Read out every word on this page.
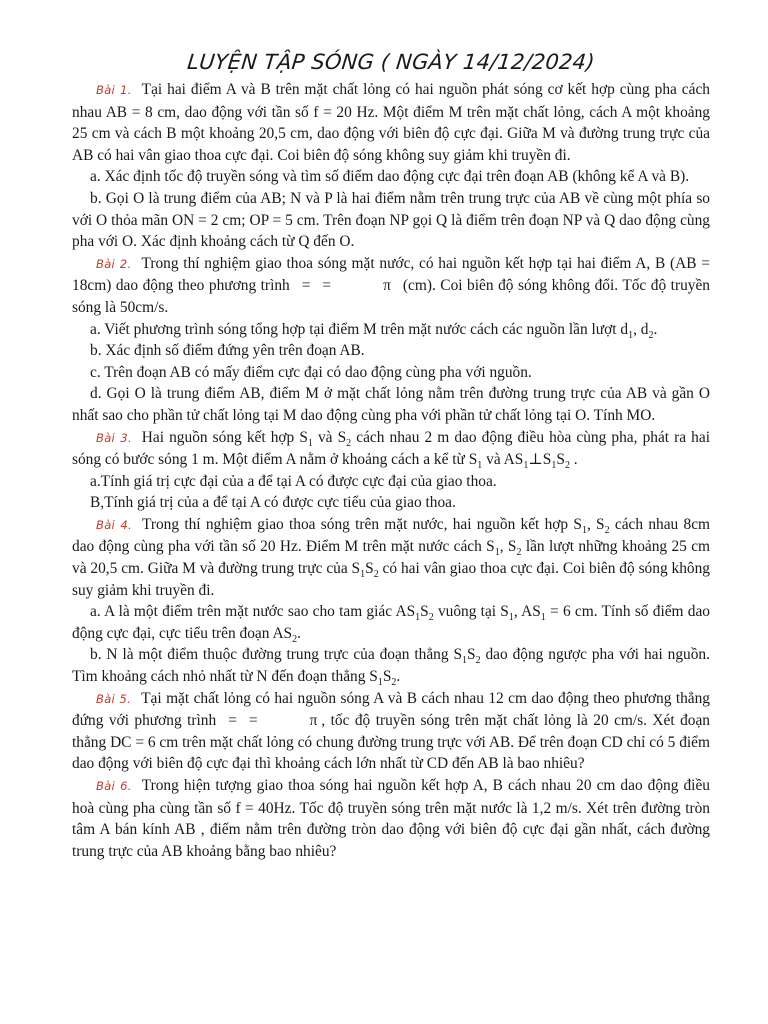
LUYỆN TẬP SÓNG ( NGÀY 14/12/2024)

Bài 1. Tại hai điểm A và B trên mặt chất lỏng có hai nguồn phát sóng cơ kết hợp cùng pha cách nhau AB = 8 cm, dao động với tần số f = 20 Hz. Một điểm M trên mặt chất lỏng, cách A một khoảng 25 cm và cách B một khoảng 20,5 cm, dao động với biên độ cực đại. Giữa M và đường trung trực của AB có hai vân giao thoa cực đại. Coi biên độ sóng không suy giảm khi truyền đi.

a. Xác định tốc độ truyền sóng và tìm số điểm dao động cực đại trên đoạn AB (không kể A và B).

b. Gọi O là trung điểm của AB; N và P là hai điểm nằm trên trung trực của AB về cùng một phía so với O thỏa mãn ON = 2 cm; OP = 5 cm. Trên đoạn NP gọi Q là điểm trên đoạn NP và Q dao động cùng pha với O. Xác định khoảng cách từ Q đến O.

Bài 2. Trong thí nghiệm giao thoa sóng mặt nước, có hai nguồn kết hợp tại hai điểm A, B (AB = 18cm) dao động theo phương trình = =	π (cm). Coi biên độ sóng không đổi. Tốc độ truyền sóng là 50cm/s.

a. Viết phương trình sóng tổng hợp tại điểm M trên mặt nước cách các nguồn lần lượt $d_1$, $d_2$.

b. Xác định số điểm đứng yên trên đoạn AB.

c. Trên đoạn AB có mấy điểm cực đại có dao động cùng pha với nguồn.

d. Gọi O là trung điểm AB, điểm M ở mặt chất lỏng nằm trên đường trung trực của AB và gần O nhất sao cho phần tử chất lỏng tại M dao động cùng pha với phần tử chất lỏng tại O. Tính MO.

Bài 3. Hai nguồn sóng kết hợp $S_1$ và $S_2$ cách nhau 2 m dao động điều hòa cùng pha, phát ra hai sóng có bước sóng 1 m. Một điểm A nằm ở khoảng cách a kể từ $S_1$ và $AS_1\perp S_1S_2$ .

a.Tính giá trị cực đại của a để tại A có được cực đại của giao thoa.

B,Tính giá trị của a để tại A có được cực tiểu của giao thoa.

Bài 4. Trong thí nghiệm giao thoa sóng trên mặt nước, hai nguồn kết hợp $S_1$, $S_2$ cách nhau 8cm dao động cùng pha với tần số 20 Hz. Điểm M trên mặt nước cách $S_1$, $S_2$ lần lượt những khoảng 25 cm và 20,5 cm. Giữa M và đường trung trực của $S_1S_2$ có hai vân giao thoa cực đại. Coi biên độ sóng không suy giảm khi truyền đi.

a. A là một điểm trên mặt nước sao cho tam giác $AS_1S_2$ vuông tại $S_1$, $AS_1 = 6$ cm. Tính số điểm dao động cực đại, cực tiểu trên đoạn $AS_2$.

b. N là một điểm thuộc đường trung trực của đoạn thẳng $S_1S_2$ dao động ngược pha với hai nguồn. Tìm khoảng cách nhỏ nhất từ N đến đoạn thẳng $S_1S_2$.

Bài 5. Tại mặt chất lỏng có hai nguồn sóng A và B cách nhau 12 cm dao động theo phương thẳng đứng với phương trình = =	π , tốc độ truyền sóng trên mặt chất lỏng là 20 cm/s. Xét đoạn thẳng DC = 6 cm trên mặt chất lỏng có chung đường trung trực với AB. Để trên đoạn CD chỉ có 5 điểm dao động với biên độ cực đại thì khoảng cách lớn nhất từ CD đến AB là bao nhiêu?

Bài 6. Trong hiện tượng giao thoa sóng hai nguồn kết hợp A, B cách nhau 20 cm dao động điều hoà cùng pha cùng tần số f = 40Hz. Tốc độ truyền sóng trên mặt nước là 1,2 m/s. Xét trên đường tròn tâm A bán kính AB , điểm nằm trên đường tròn dao động với biên độ cực đại gần nhất, cách đường trung trực của AB khoảng bằng bao nhiêu?
